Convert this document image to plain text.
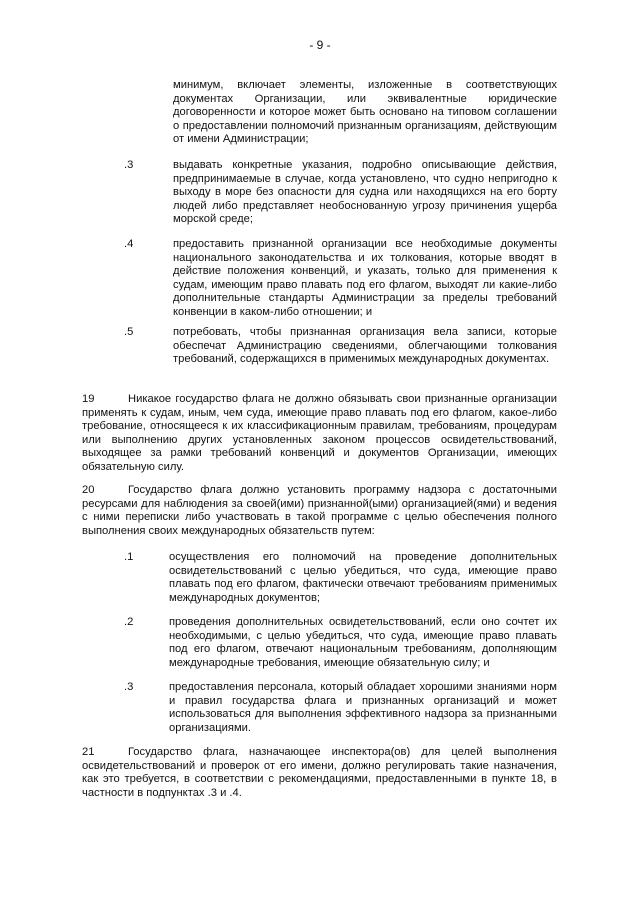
- 9 -
минимум, включает элементы, изложенные в соответствующих документах Организации, или эквивалентные юридические договоренности и которое может быть основано на типовом соглашении о предоставлении полномочий признанным организациям, действующим от имени Администрации;
.3	выдавать конкретные указания, подробно описывающие действия, предпринимаемые в случае, когда установлено, что судно непригодно к выходу в море без опасности для судна или находящихся на его борту людей либо представляет необоснованную угрозу причинения ущерба морской среде;
.4	предоставить признанной организации все необходимые документы национального законодательства и их толкования, которые вводят в действие положения конвенций, и указать, только для применения к судам, имеющим право плавать под его флагом, выходят ли какие-либо дополнительные стандарты Администрации за пределы требований конвенции в каком-либо отношении; и
.5	потребовать, чтобы признанная организация вела записи, которые обеспечат Администрацию сведениями, облегчающими толкования требований, содержащихся в применимых международных документах.
19	Никакое государство флага не должно обязывать свои признанные организации применять к судам, иным, чем суда, имеющие право плавать под его флагом, какое-либо требование, относящееся к их классификационным правилам, требованиям, процедурам или выполнению других установленных законом процессов освидетельствований, выходящее за рамки требований конвенций и документов Организации, имеющих обязательную силу.
20	Государство флага должно установить программу надзора с достаточными ресурсами для наблюдения за своей(ими) признанной(ыми) организацией(ями) и ведения с ними переписки либо участвовать в такой программе с целью обеспечения полного выполнения своих международных обязательств путем:
.1	осуществления его полномочий на проведение дополнительных освидетельствований с целью убедиться, что суда, имеющие право плавать под его флагом, фактически отвечают требованиям применимых международных документов;
.2	проведения дополнительных освидетельствований, если оно сочтет их необходимыми, с целью убедиться, что суда, имеющие право плавать под его флагом, отвечают национальным требованиям, дополняющим международные требования, имеющие обязательную силу; и
.3	предоставления персонала, который обладает хорошими знаниями норм и правил государства флага и признанных организаций и может использоваться для выполнения эффективного надзора за признанными организациями.
21	Государство флага, назначающее инспектора(ов) для целей выполнения освидетельствований и проверок от его имени, должно регулировать такие назначения, как это требуется, в соответствии с рекомендациями, предоставленными в пункте 18, в частности в подпунктах .3 и .4.
